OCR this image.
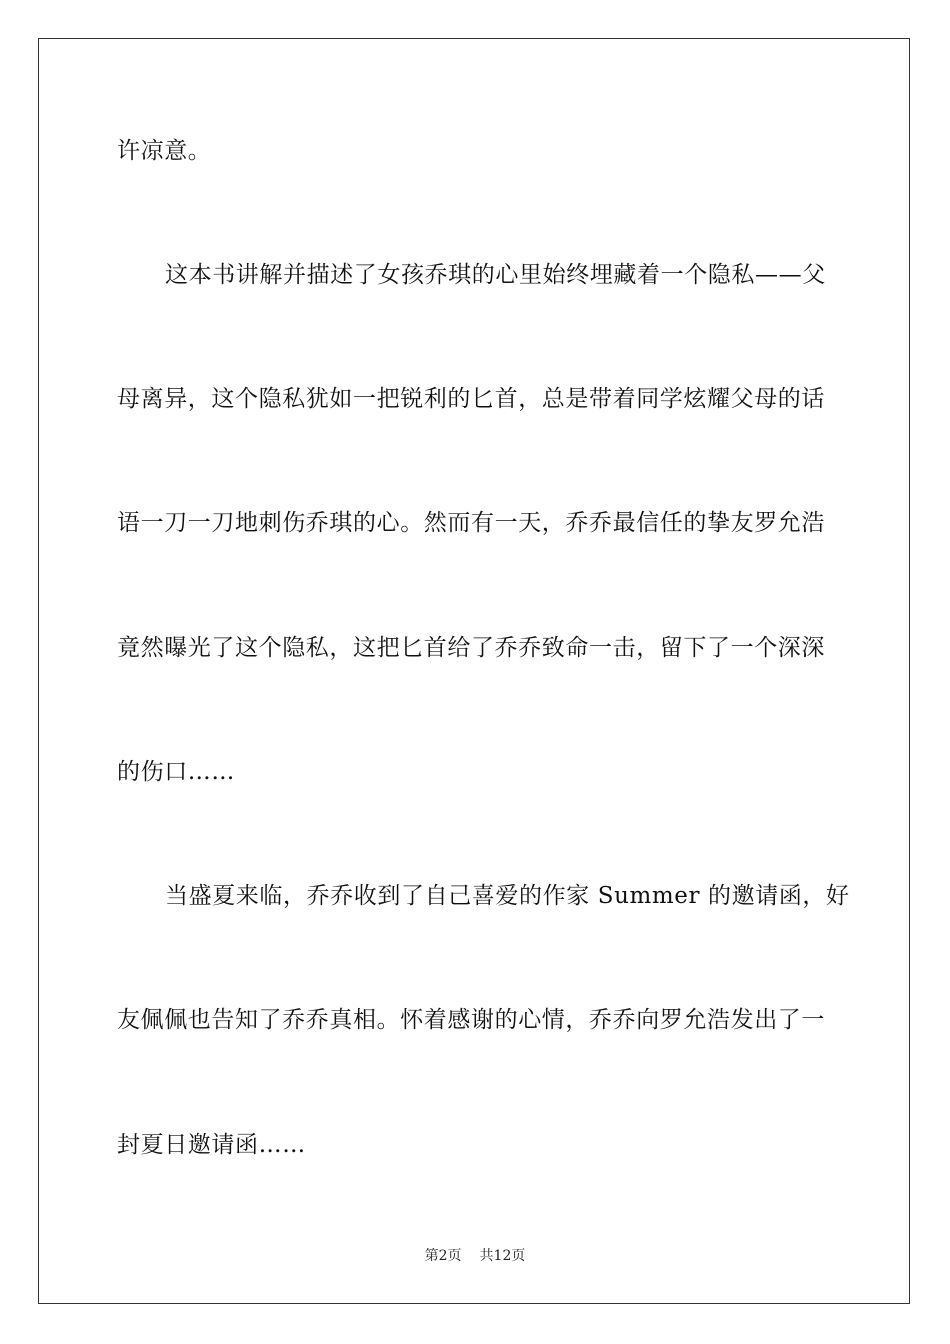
许凉意。
这本书讲解并描述了女孩乔琪的心里始终埋藏着一个隐私——父
母离异，这个隐私犹如一把锐利的匕首，总是带着同学炫耀父母的话
语一刀一刀地刺伤乔琪的心。然而有一天，乔乔最信任的挚友罗允浩
竟然曝光了这个隐私，这把匕首给了乔乔致命一击，留下了一个深深
的伤口……
当盛夏来临，乔乔收到了自己喜爱的作家 Summer 的邀请函，好
友佩佩也告知了乔乔真相。怀着感谢的心情，乔乔向罗允浩发出了一
封夏日邀请函……
第2页 共12页
